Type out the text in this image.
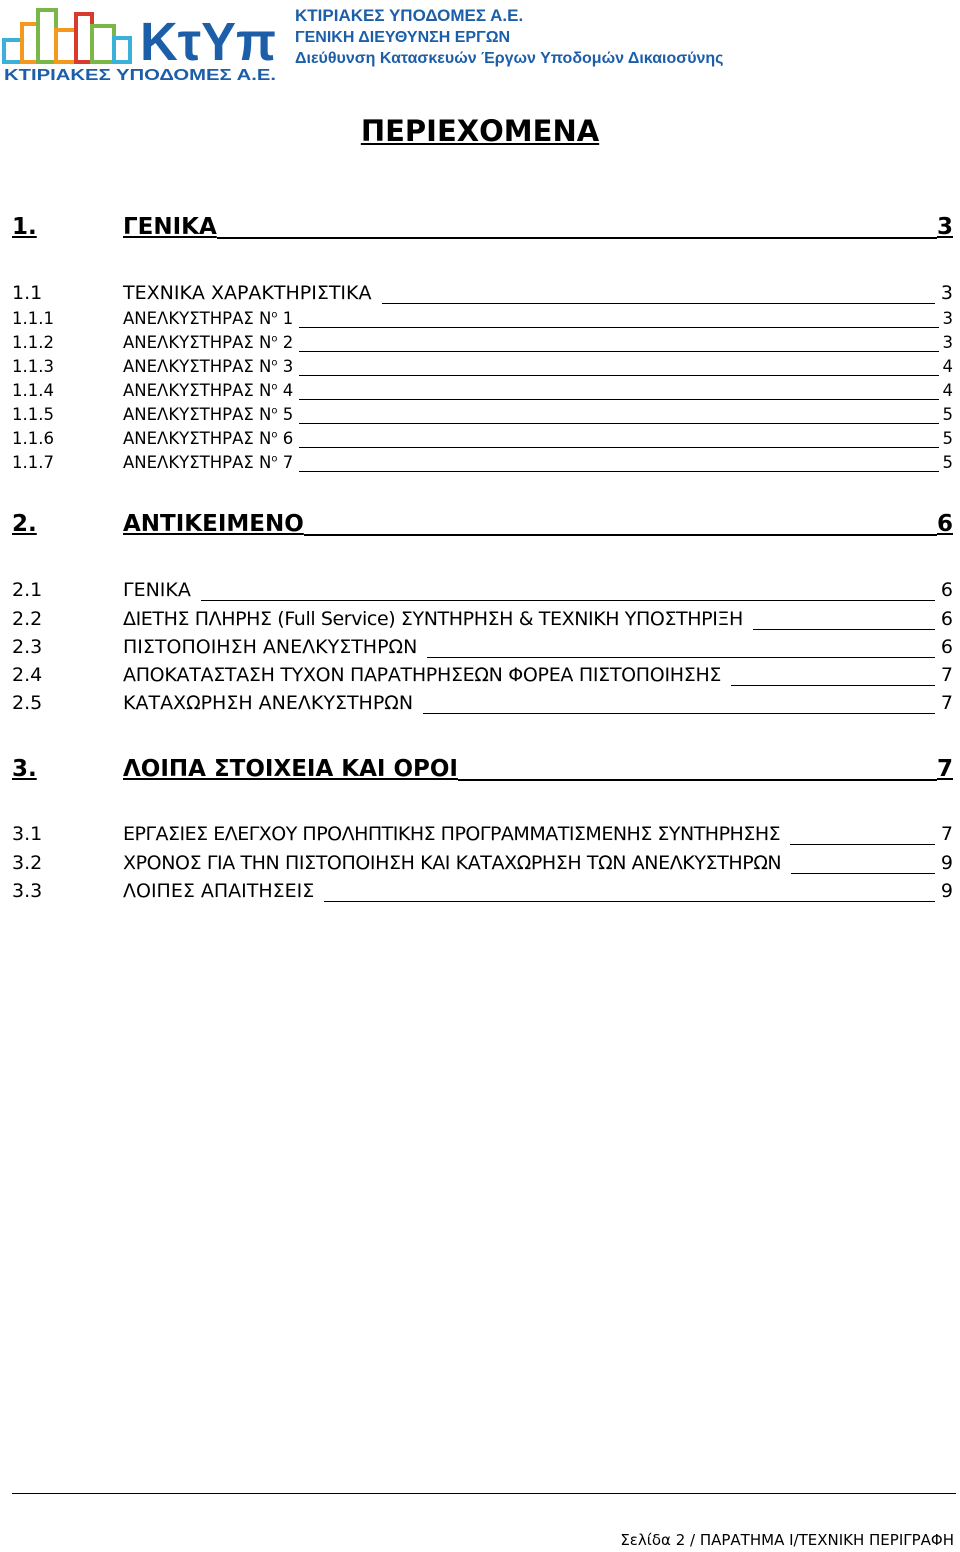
ΚτΥπ
ΚΤΙΡΙΑΚΕΣ ΥΠΟΔΟΜΕΣ Α.Ε.
ΚΤΙΡΙΑΚΕΣ ΥΠΟΔΟΜΕΣ Α.Ε.
ΓΕΝΙΚΗ ΔΙΕΥΘΥΝΣΗ ΕΡΓΩΝ
Διεύθυνση Κατασκευών Έργων Υποδομών Δικαιοσύνης
ΠΕΡΙΕΧΟΜΕΝΑ
1.	ΓΕΝΙΚΑ	3
1.1	ΤΕΧΝΙΚΑ ΧΑΡΑΚΤΗΡΙΣΤΙΚΑ	3
1.1.1	ΑΝΕΛΚΥΣΤΗΡΑΣ $N^o$ 1	3
1.1.2	ΑΝΕΛΚΥΣΤΗΡΑΣ $N^o$ 2	3
1.1.3	ΑΝΕΛΚΥΣΤΗΡΑΣ $N^o$ 3	4
1.1.4	ΑΝΕΛΚΥΣΤΗΡΑΣ $N^o$ 4	4
1.1.5	ΑΝΕΛΚΥΣΤΗΡΑΣ $N^o$ 5	5
1.1.6	ΑΝΕΛΚΥΣΤΗΡΑΣ $N^o$ 6	5
1.1.7	ΑΝΕΛΚΥΣΤΗΡΑΣ $N^o$ 7	5
2.	ΑΝΤΙΚΕΙΜΕΝΟ	6
2.1	ΓΕΝΙΚΑ	6
2.2	ΔΙΕΤΗΣ ΠΛΗΡΗΣ (Full Service) ΣΥΝΤΗΡΗΣΗ & ΤΕΧΝΙΚΗ ΥΠΟΣΤΗΡΙΞΗ	6
2.3	ΠΙΣΤΟΠΟΙΗΣΗ ΑΝΕΛΚΥΣΤΗΡΩΝ	6
2.4	ΑΠΟΚΑΤΑΣΤΑΣΗ ΤΥΧΟΝ ΠΑΡΑΤΗΡΗΣΕΩΝ ΦΟΡΕΑ ΠΙΣΤΟΠΟΙΗΣΗΣ	7
2.5	ΚΑΤΑΧΩΡΗΣΗ ΑΝΕΛΚΥΣΤΗΡΩΝ	7
3.	ΛΟΙΠΑ ΣΤΟΙΧΕΙΑ ΚΑΙ ΟΡΟΙ	7
3.1	ΕΡΓΑΣΙΕΣ ΕΛΕΓΧΟΥ ΠΡΟΛΗΠΤΙΚΗΣ ΠΡΟΓΡΑΜΜΑΤΙΣΜΕΝΗΣ ΣΥΝΤΗΡΗΣΗΣ	7
3.2	ΧΡΟΝΟΣ ΓΙΑ ΤΗΝ ΠΙΣΤΟΠΟΙΗΣΗ ΚΑΙ ΚΑΤΑΧΩΡΗΣΗ ΤΩΝ ΑΝΕΛΚΥΣΤΗΡΩΝ	9
3.3	ΛΟΙΠΕΣ ΑΠΑΙΤΗΣΕΙΣ	9
Σελίδα 2 / ΠΑΡΑΤΗΜΑ Ι/ΤΕΧΝΙΚΗ ΠΕΡΙΓΡΑΦΗ
